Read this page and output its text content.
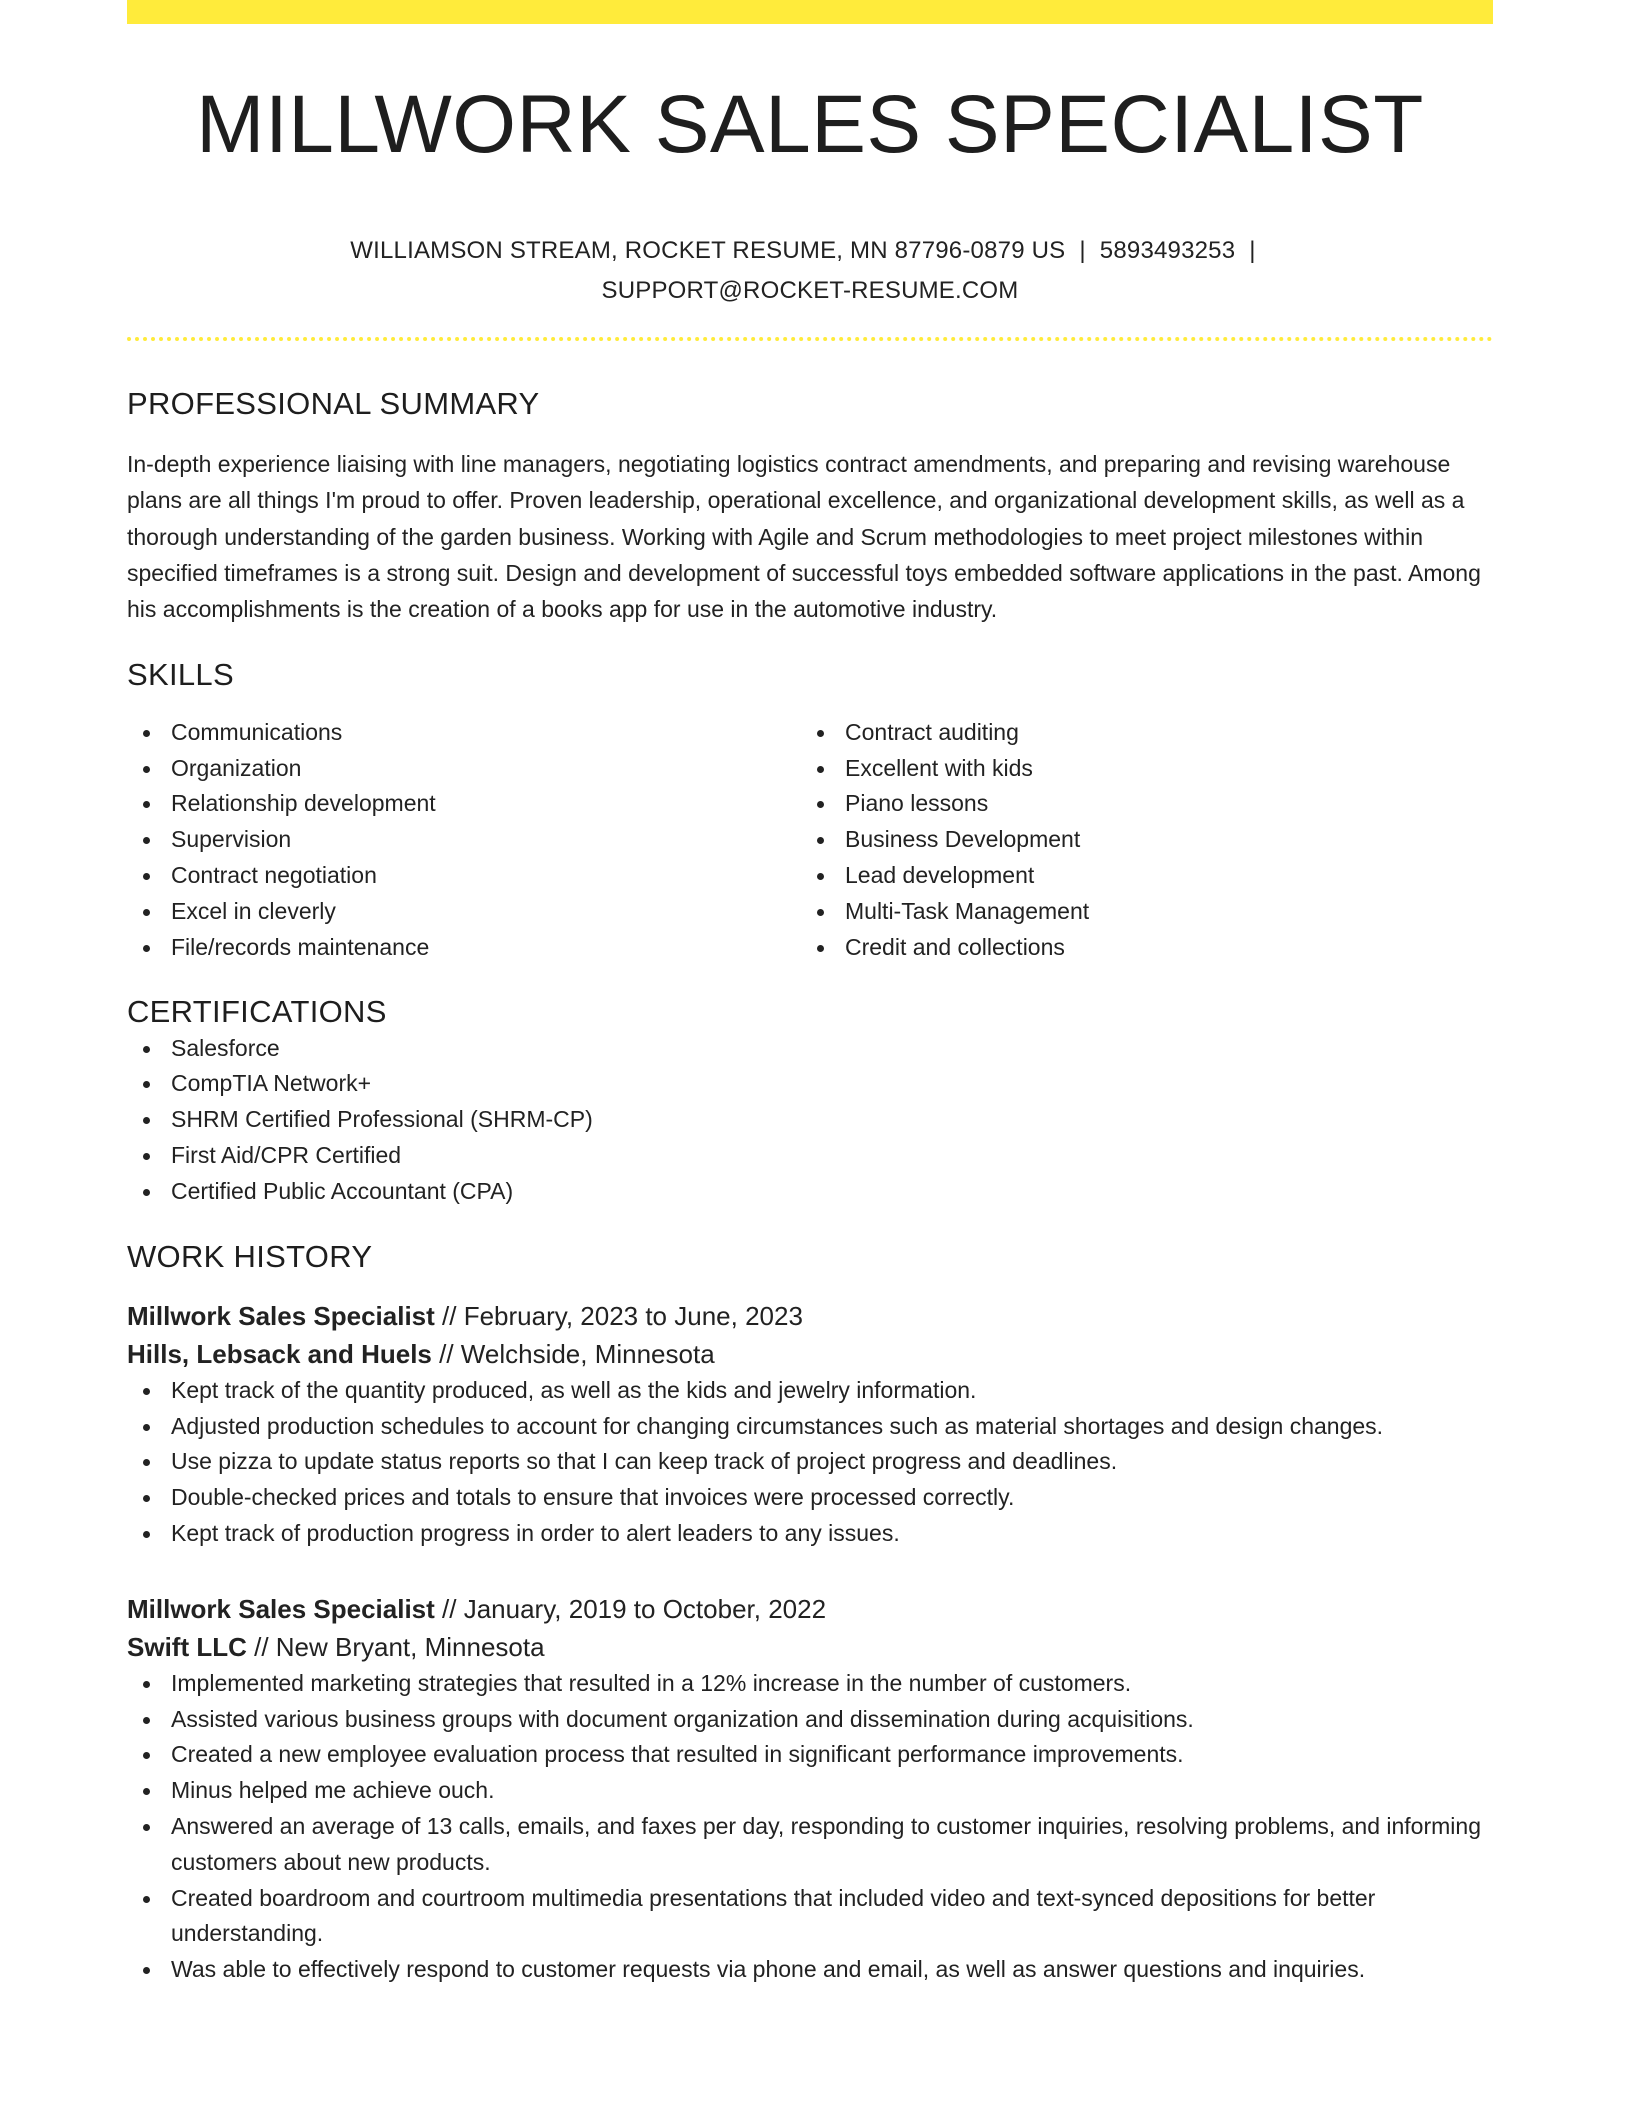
MILLWORK SALES SPECIALIST
WILLIAMSON STREAM, ROCKET RESUME, MN 87796-0879 US | 5893493253 |
SUPPORT@ROCKET-RESUME.COM
PROFESSIONAL SUMMARY

In-depth experience liaising with line managers, negotiating logistics contract amendments, and preparing and revising warehouse plans are all things I'm proud to offer. Proven leadership, operational excellence, and organizational development skills, as well as a thorough understanding of the garden business. Working with Agile and Scrum methodologies to meet project milestones within specified timeframes is a strong suit. Design and development of successful toys embedded software applications in the past. Among his accomplishments is the creation of a books app for use in the automotive industry.

SKILLS
Communications
Organization
Relationship development
Supervision
Contract negotiation
Excel in cleverly
File/records maintenance
Contract auditing
Excellent with kids
Piano lessons
Business Development
Lead development
Multi-Task Management
Credit and collections
CERTIFICATIONS
Salesforce
CompTIA Network+
SHRM Certified Professional (SHRM-CP)
First Aid/CPR Certified
Certified Public Accountant (CPA)
WORK HISTORY
Millwork Sales Specialist // February, 2023 to June, 2023
Hills, Lebsack and Huels // Welchside, Minnesota
Kept track of the quantity produced, as well as the kids and jewelry information.
Adjusted production schedules to account for changing circumstances such as material shortages and design changes.
Use pizza to update status reports so that I can keep track of project progress and deadlines.
Double-checked prices and totals to ensure that invoices were processed correctly.
Kept track of production progress in order to alert leaders to any issues.
Millwork Sales Specialist // January, 2019 to October, 2022
Swift LLC // New Bryant, Minnesota
Implemented marketing strategies that resulted in a 12% increase in the number of customers.
Assisted various business groups with document organization and dissemination during acquisitions.
Created a new employee evaluation process that resulted in significant performance improvements.
Minus helped me achieve ouch.
Answered an average of 13 calls, emails, and faxes per day, responding to customer inquiries, resolving problems, and informing customers about new products.
Created boardroom and courtroom multimedia presentations that included video and text-synced depositions for better understanding.
Was able to effectively respond to customer requests via phone and email, as well as answer questions and inquiries.
